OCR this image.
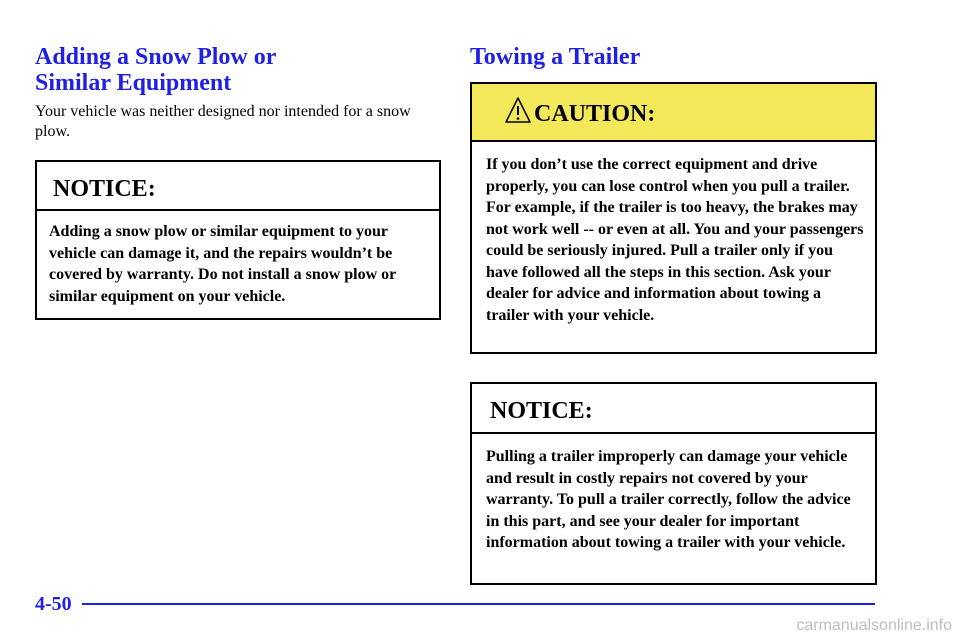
Adding a Snow Plow or
Similar Equipment

Your vehicle was neither designed nor intended for a snow plow.

NOTICE:

Adding a snow plow or similar equipment to your vehicle can damage it, and the repairs wouldn’t be covered by warranty. Do not install a snow plow or similar equipment on your vehicle.

Towing a Trailer
CAUTION:

If you don’t use the correct equipment and drive properly, you can lose control when you pull a trailer. For example, if the trailer is too heavy, the brakes may not work well -- or even at all. You and your passengers could be seriously injured. Pull a trailer only if you have followed all the steps in this section. Ask your dealer for advice and information about towing a trailer with your vehicle.

NOTICE:

Pulling a trailer improperly can damage your vehicle and result in costly repairs not covered by your warranty. To pull a trailer correctly, follow the advice in this part, and see your dealer for important information about towing a trailer with your vehicle.

4-50
carmanualsonline.info
